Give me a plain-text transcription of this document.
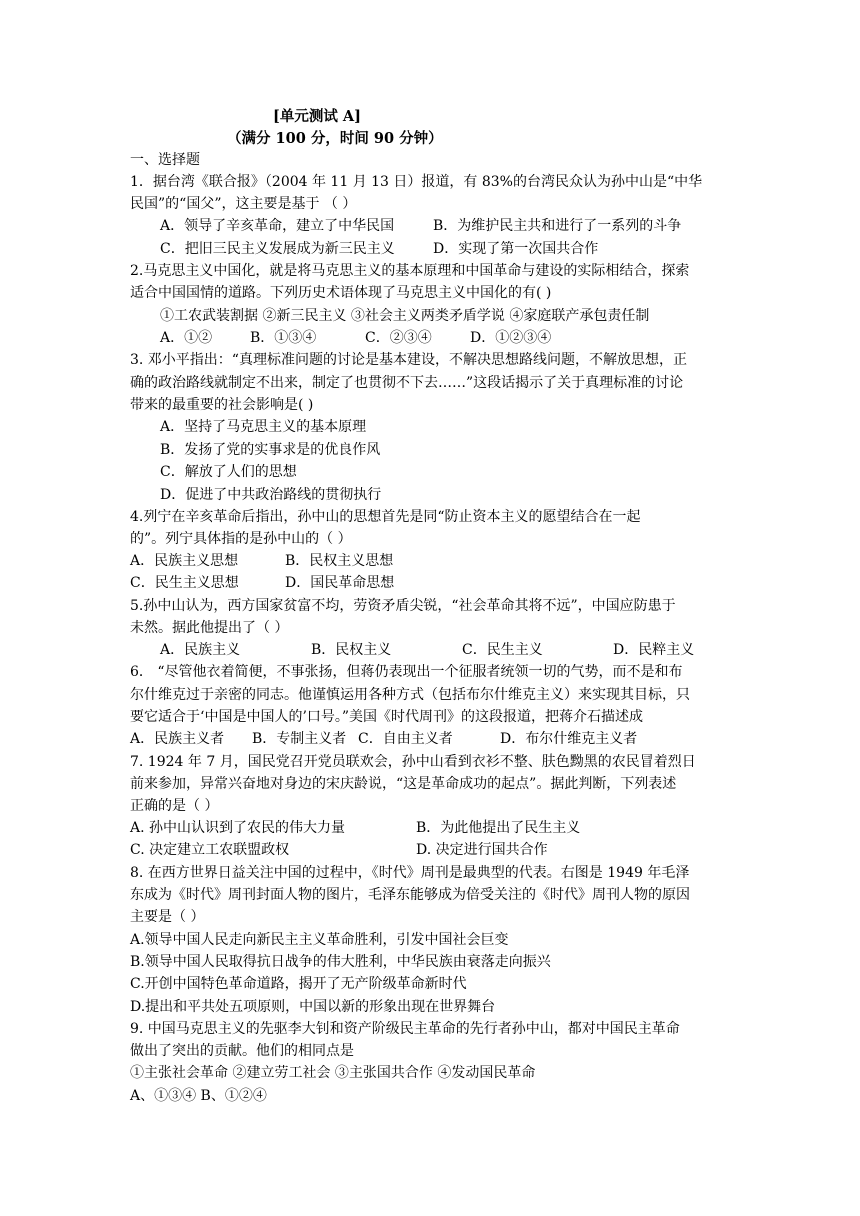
[单元测试 A]
（满分 100 分，时间 90 分钟）
一、选择题
1．据台湾《联合报》（2004 年 11 月 13 日）报道，有 83%的台湾民众认为孙中山是“中华
民国”的“国父”，这主要是基于 （ ）
A．领导了辛亥革命，建立了中华民国	B．为维护民主共和进行了一系列的斗争
C．把旧三民主义发展成为新三民主义	D．实现了第一次国共合作
2.马克思主义中国化，就是将马克思主义的基本原理和中国革命与建设的实际相结合，探索
适合中国国情的道路。下列历史术语体现了马克思主义中国化的有( )
①工农武装割据 ②新三民主义 ③社会主义两类矛盾学说 ④家庭联产承包责任制
A．①②	B．①③④	C．②③④	D．①②③④
3. 邓小平指出：“真理标准问题的讨论是基本建设，不解决思想路线问题，不解放思想，正
确的政治路线就制定不出来，制定了也贯彻不下去……”这段话揭示了关于真理标准的讨论
带来的最重要的社会影响是( )
A．坚持了马克思主义的基本原理
B．发扬了党的实事求是的优良作风
C．解放了人们的思想
D．促进了中共政治路线的贯彻执行
4.列宁在辛亥革命后指出，孙中山的思想首先是同“防止资本主义的愿望结合在一起
的”。列宁具体指的是孙中山的（ ）
A．民族主义思想	B．民权主义思想
C．民生主义思想	D．国民革命思想
5.孙中山认为，西方国家贫富不均，劳资矛盾尖锐，“社会革命其将不远”，中国应防患于
未然。据此他提出了（ ）
A．民族主义	B．民权主义	C．民生主义	D．民粹主义
6． “尽管他衣着简便，不事张扬，但蒋仍表现出一个征服者统领一切的气势，而不是和布
尔什维克过于亲密的同志。他谨慎运用各种方式（包括布尔什维克主义）来实现其目标，只
要它适合于‘中国是中国人的’口号。”美国《时代周刊》的这段报道，把蒋介石描述成
A．民族主义者 B．专制主义者 C．自由主义者	D．布尔什维克主义者
7. 1924 年 7 月，国民党召开党员联欢会，孙中山看到衣衫不整、肤色黝黑的农民冒着烈日
前来参加，异常兴奋地对身边的宋庆龄说，“这是革命成功的起点”。据此判断，下列表述
正确的是（ ）
A. 孙中山认识到了农民的伟大力量	B．为此他提出了民生主义
C. 决定建立工农联盟政权	D. 决定进行国共合作
8. 在西方世界日益关注中国的过程中，《时代》周刊是最典型的代表。右图是 1949 年毛泽
东成为《时代》周刊封面人物的图片，毛泽东能够成为倍受关注的《时代》周刊人物的原因
主要是（ ）
A.领导中国人民走向新民主主义革命胜利，引发中国社会巨变
B.领导中国人民取得抗日战争的伟大胜利，中华民族由衰落走向振兴
C.开创中国特色革命道路，揭开了无产阶级革命新时代
D.提出和平共处五项原则，中国以新的形象出现在世界舞台
9. 中国马克思主义的先驱李大钊和资产阶级民主革命的先行者孙中山，都对中国民主革命
做出了突出的贡献。他们的相同点是
①主张社会革命 ②建立劳工社会 ③主张国共合作 ④发动国民革命
A、①③④ B、①②④
